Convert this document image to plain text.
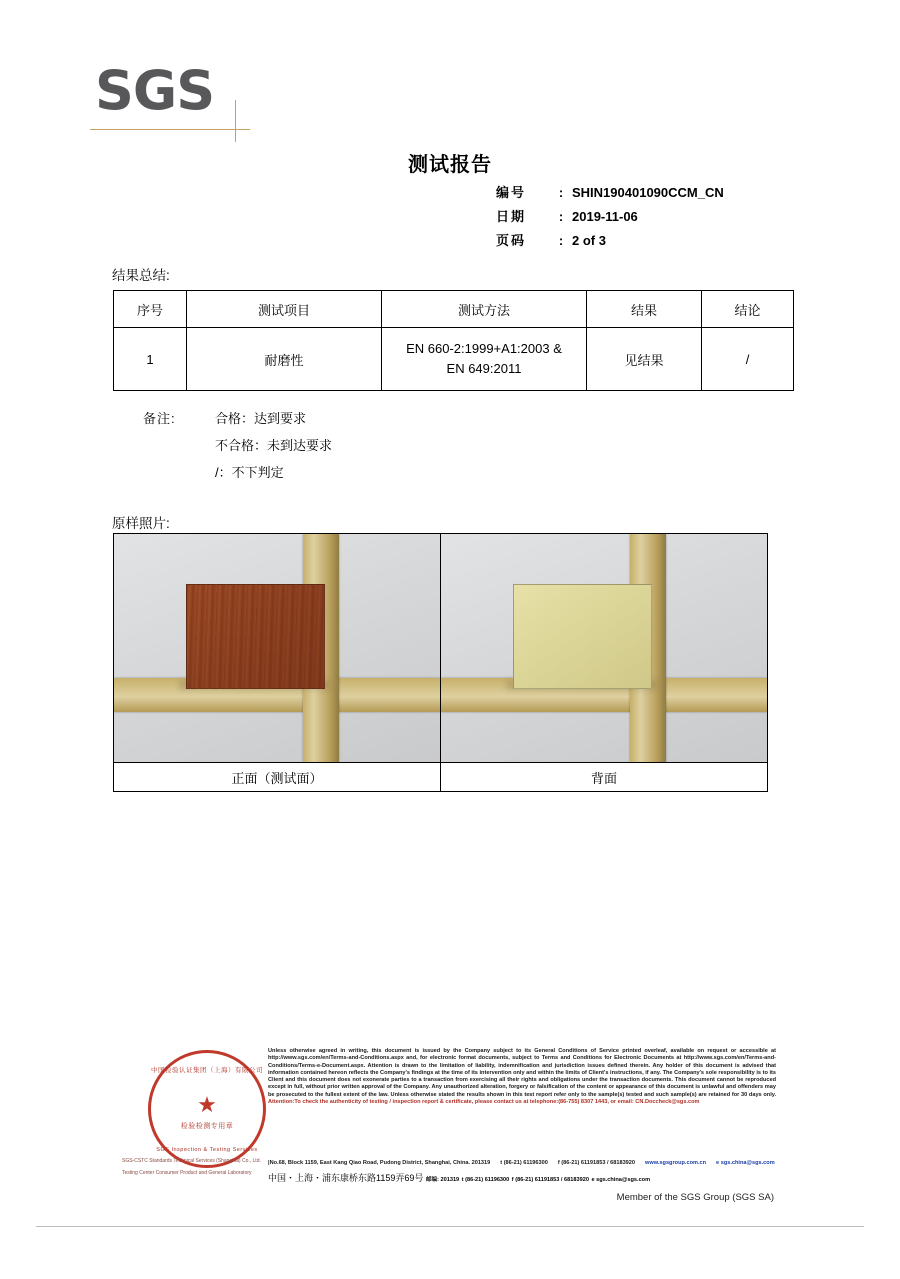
SGS
测试报告
编号	: SHIN190401090CCM_CN
日期	: 2019-11-06
页码	: 2 of 3
结果总结:
序号	测试项目	测试方法	结果	结论
1	耐磨性	EN 660-2:1999+A1:2003 &
EN 649:2011	见结果	/
备注:	合格：达到要求
不合格：未到达要求
/：不下判定
原样照片:

正面（测试面）	背面
中国检验认证集团（上海）有限公司
★
检验检测专用章
SGS Inspection & Testing Services
SGS-CSTC Standards Technical Services (Shanghai) Co., Ltd.
Testing Center Consumer Product and General Laboratory
Unless otherwise agreed in writing, this document is issued by the Company subject to its General Conditions of Service printed overleaf, available on request or accessible at http://www.sgs.com/en/Terms-and-Conditions.aspx and, for electronic format documents, subject to Terms and Conditions for Electronic Documents at http://www.sgs.com/en/Terms-and-Conditions/Terms-e-Document.aspx. Attention is drawn to the limitation of liability, indemnification and jurisdiction issues defined therein. Any holder of this document is advised that information contained hereon reflects the Company's findings at the time of its intervention only and within the limits of Client's instructions, if any. The Company's sole responsibility is to its Client and this document does not exonerate parties to a transaction from exercising all their rights and obligations under the transaction documents. This document cannot be reproduced except in full, without prior written approval of the Company. Any unauthorized alteration, forgery or falsification of the content or appearance of this document is unlawful and offenders may be prosecuted to the fullest extent of the law. Unless otherwise stated the results shown in this test report refer only to the sample(s) tested and such sample(s) are retained for 30 days only. Attention:To check the authenticity of testing / inspection report & certificate, please contact us at telephone:(86-755) 8307 1443, or email: CN.Doccheck@sgs.com
|No.68, Block 1159, East Kang Qiao Road, Pudong District, Shanghai, China. 201319 t (86-21) 61196300 f (86-21) 61191853 / 68183920 www.sgsgroup.com.cn e sgs.china@sgs.com
中国・上海・浦东康桥东路1159弄69号 邮编: 201319 t (86-21) 61196300 f (86-21) 61191853 / 68183920 e sgs.china@sgs.com
Member of the SGS Group (SGS SA)
